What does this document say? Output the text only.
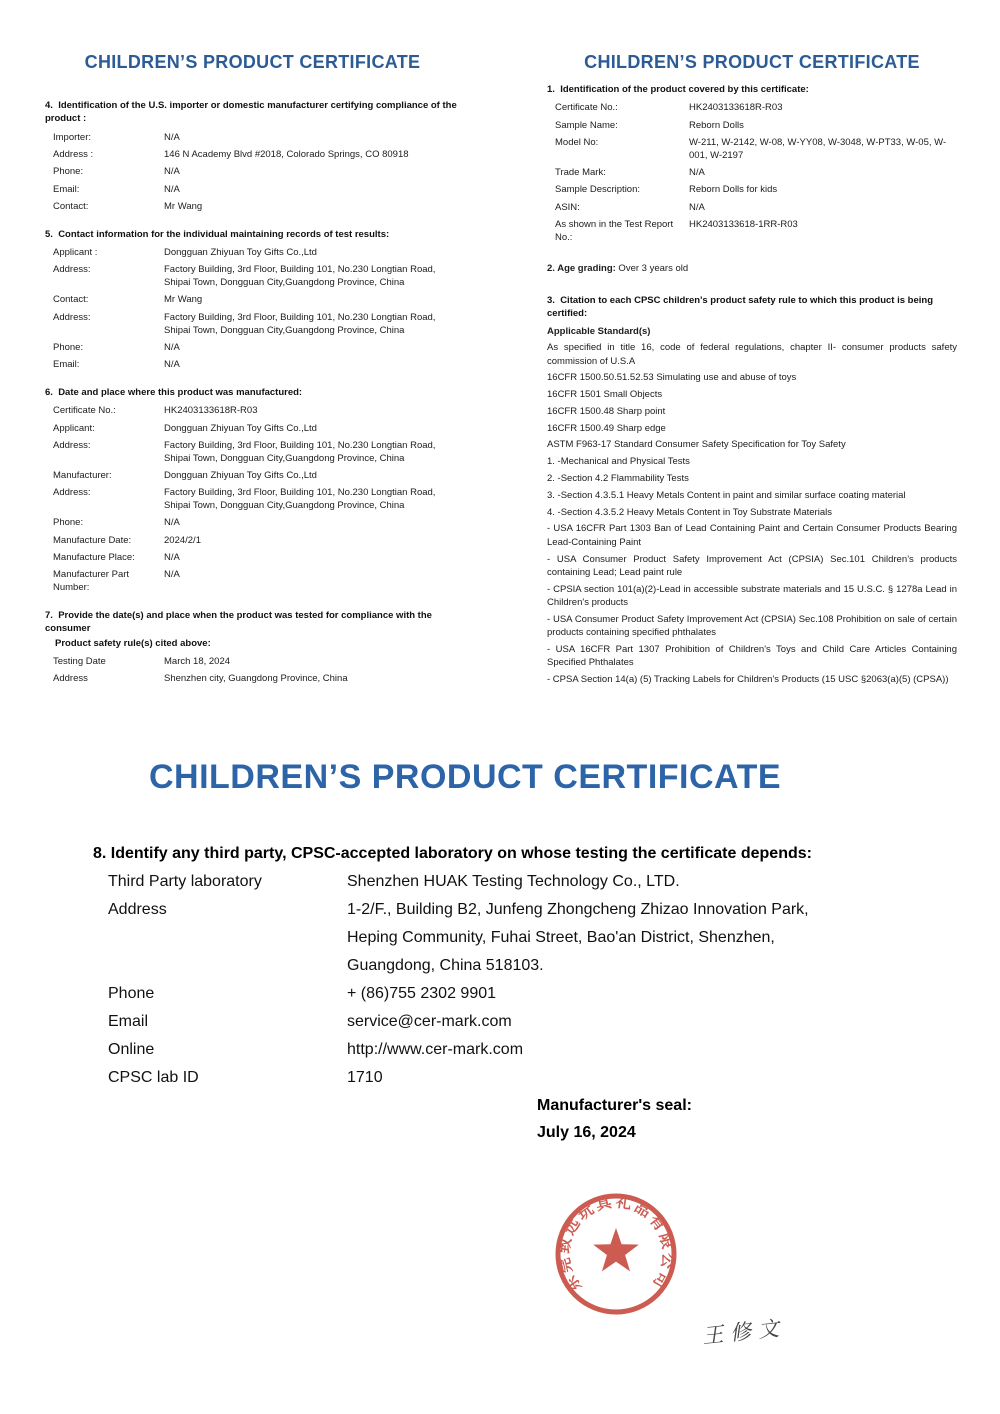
CHILDREN’S PRODUCT CERTIFICATE
4.  Identification of the U.S. importer or domestic manufacturer certifying compliance of the product :
Importer:	N/A
Address :	146 N Academy Blvd #2018, Colorado Springs, CO 80918
Phone:	N/A
Email:	N/A
Contact:	Mr Wang
5.  Contact information for the individual maintaining records of test results:
Applicant :	Dongguan Zhiyuan Toy Gifts Co.,Ltd
Address:	Factory Building, 3rd Floor, Building 101, No.230 Longtian Road, Shipai Town, Dongguan City,Guangdong Province, China
Contact:	Mr Wang
Address:	Factory Building, 3rd Floor, Building 101, No.230 Longtian Road, Shipai Town, Dongguan City,Guangdong Province, China
Phone:	N/A
Email:	N/A
6.  Date and place where this product was manufactured:
Certificate No.:	HK2403133618R-R03
Applicant:	Dongguan Zhiyuan Toy Gifts Co.,Ltd
Address:	Factory Building, 3rd Floor, Building 101, No.230 Longtian Road, Shipai Town, Dongguan City,Guangdong Province, China
Manufacturer:	Dongguan Zhiyuan Toy Gifts Co.,Ltd
Address:	Factory Building, 3rd Floor, Building 101, No.230 Longtian Road, Shipai Town, Dongguan City,Guangdong Province, China
Phone:	N/A
Manufacture Date:	2024/2/1
Manufacture Place:	N/A
Manufacturer Part Number:
N/A
7.  Provide the date(s) and place when the product was tested for compliance with the consumer
Product safety rule(s) cited above:
Testing Date	March 18, 2024
Address	Shenzhen city, Guangdong Province, China
CHILDREN’S PRODUCT CERTIFICATE
1.  Identification of the product covered by this certificate:
Certificate No.:	HK2403133618R-R03
Sample Name:	Reborn Dolls
Model No:	W-211, W-2142, W-08, W-YY08, W-3048, W-PT33, W-05, W-001, W-2197
Trade Mark:	N/A
Sample Description:	Reborn Dolls for kids
ASIN:	N/A
As shown in the Test Report No.:
HK2403133618-1RR-R03
2. Age grading: Over 3 years old
3.  Citation to each CPSC children's product safety rule to which this product is being certified:
Applicable Standard(s)
As specified in title 16, code of federal regulations, chapter II- consumer products safety commission of U.S.A
16CFR 1500.50.51.52.53 Simulating use and abuse of toys
16CFR 1501 Small Objects
16CFR 1500.48 Sharp point
16CFR 1500.49 Sharp edge
ASTM F963-17 Standard Consumer Safety Specification for Toy Safety
1. -Mechanical and Physical Tests
2. -Section 4.2 Flammability Tests
3. -Section 4.3.5.1 Heavy Metals Content in paint and similar surface coating material
4. -Section 4.3.5.2 Heavy Metals Content in Toy Substrate Materials
- USA 16CFR Part 1303 Ban of Lead Containing Paint and Certain Consumer Products Bearing Lead-Containing Paint
- USA Consumer Product Safety Improvement Act (CPSIA) Sec.101 Children’s products containing Lead; Lead paint rule
- CPSIA section 101(a)(2)-Lead in accessible substrate materials and 15 U.S.C. § 1278a Lead in Children's products
- USA Consumer Product Safety Improvement Act (CPSIA) Sec.108 Prohibition on sale of certain products containing specified phthalates
- USA 16CFR Part 1307 Prohibition of Children's Toys and Child Care Articles Containing Specified Phthalates
- CPSA Section 14(a) (5) Tracking Labels for Children's Products (15 USC §2063(a)(5) (CPSA))
CHILDREN’S PRODUCT CERTIFICATE
8. Identify any third party, CPSC-accepted laboratory on whose testing the certificate depends:
Third Party laboratory	Shenzhen HUAK Testing Technology Co., LTD.
Address	1-2/F., Building B2, Junfeng Zhongcheng Zhizao Innovation Park,
Heping Community, Fuhai Street, Bao'an District, Shenzhen,
Guangdong, China 518103.
Phone	+ (86)755 2302 9901
Email	service@cer-mark.com
Online	http://www.cer-mark.com
CPSC lab ID	1710
Manufacturer's seal:
July 16, 2024
东莞致远玩具礼品有限公司
王修文
